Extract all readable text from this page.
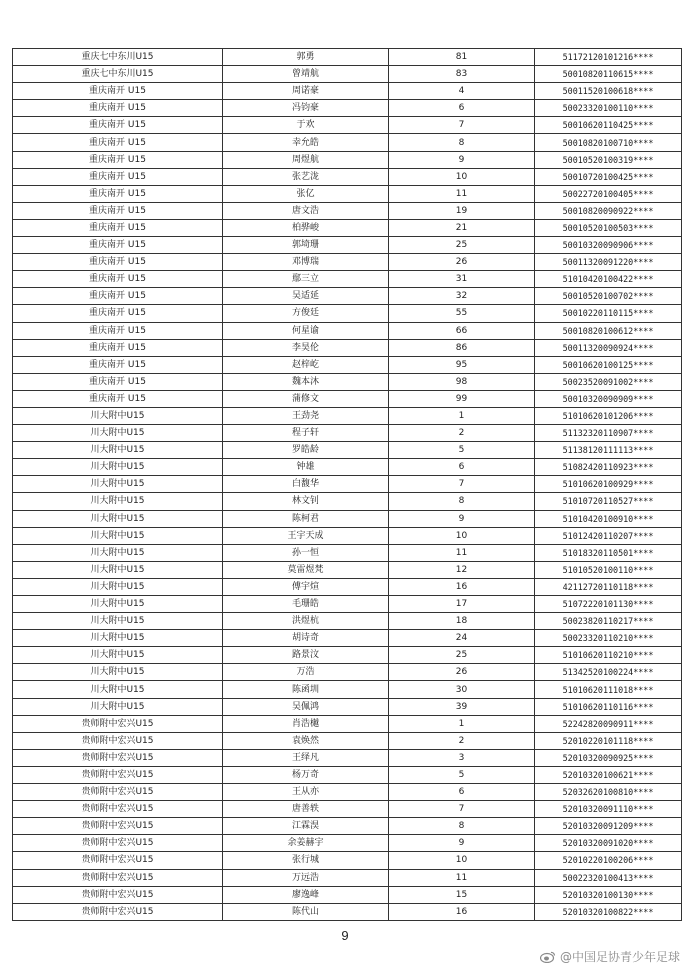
重庆七中东川U15	郭勇	81	51172120101216****
重庆七中东川U15	曾靖航	83	50010820110615****
重庆南开 U15	周诺豪	4	50011520100618****
重庆南开 U15	冯钧豪	6	50023320100110****
重庆南开 U15	于欢	7	50010620110425****
重庆南开 U15	幸允皓	8	50010820100710****
重庆南开 U15	周煜航	9	50010520100319****
重庆南开 U15	张艺泷	10	50010720100425****
重庆南开 U15	张亿	11	50022720100405****
重庆南开 U15	唐文浩	19	50010820090922****
重庆南开 U15	柏骅峻	21	50010520100503****
重庆南开 U15	郭埼珊	25	50010320090906****
重庆南开 U15	邓博瑞	26	50011320091220****
重庆南开 U15	鄢三立	31	51010420100422****
重庆南开 U15	吴适延	32	50010520100702****
重庆南开 U15	方俊廷	55	50010220110115****
重庆南开 U15	何星谕	66	50010820100612****
重庆南开 U15	李昊伦	86	50011320090924****
重庆南开 U15	赵梓屹	95	50010620100125****
重庆南开 U15	魏本沐	98	50023520091002****
重庆南开 U15	蒲修文	99	50010320090909****
川大附中U15	王劲尧	1	51010620101206****
川大附中U15	程子轩	2	51132320110907****
川大附中U15	罗皓龄	5	51138120111113****
川大附中U15	钟雄	6	51082420110923****
川大附中U15	白馥华	7	51010620100929****
川大附中U15	林文钊	8	51010720110527****
川大附中U15	陈柯君	9	51010420100910****
川大附中U15	王宇天成	10	51012420110207****
川大附中U15	孙一恒	11	51018320110501****
川大附中U15	莫雷煜梵	12	51010520100110****
川大附中U15	傅宇煊	16	42112720110118****
川大附中U15	毛珊皓	17	51072220101130****
川大附中U15	洪煜杭	18	50023820110217****
川大附中U15	胡诗奇	24	50023320110210****
川大附中U15	路景汶	25	51010620110210****
川大附中U15	万浩	26	51342520100224****
川大附中U15	陈函圳	30	51010620111018****
川大附中U15	吴佩鸿	39	51010620110116****
贵师附中宏兴U15	肖浩樾	1	52242820090911****
贵师附中宏兴U15	袁焕然	2	52010220101118****
贵师附中宏兴U15	王绎凡	3	52010320090925****
贵师附中宏兴U15	杨万奇	5	52010320100621****
贵师附中宏兴U15	王从亦	6	52032620100810****
贵师附中宏兴U15	唐善轶	7	52010320091110****
贵师附中宏兴U15	江霖淏	8	52010320091209****
贵师附中宏兴U15	余姜赫宇	9	52010320091020****
贵师附中宏兴U15	张行城	10	52010220100206****
贵师附中宏兴U15	万远浩	11	50022320100413****
贵师附中宏兴U15	廖逸峰	15	52010320100130****
贵师附中宏兴U15	陈代山	16	52010320100822****
9
@中国足协青少年足球
